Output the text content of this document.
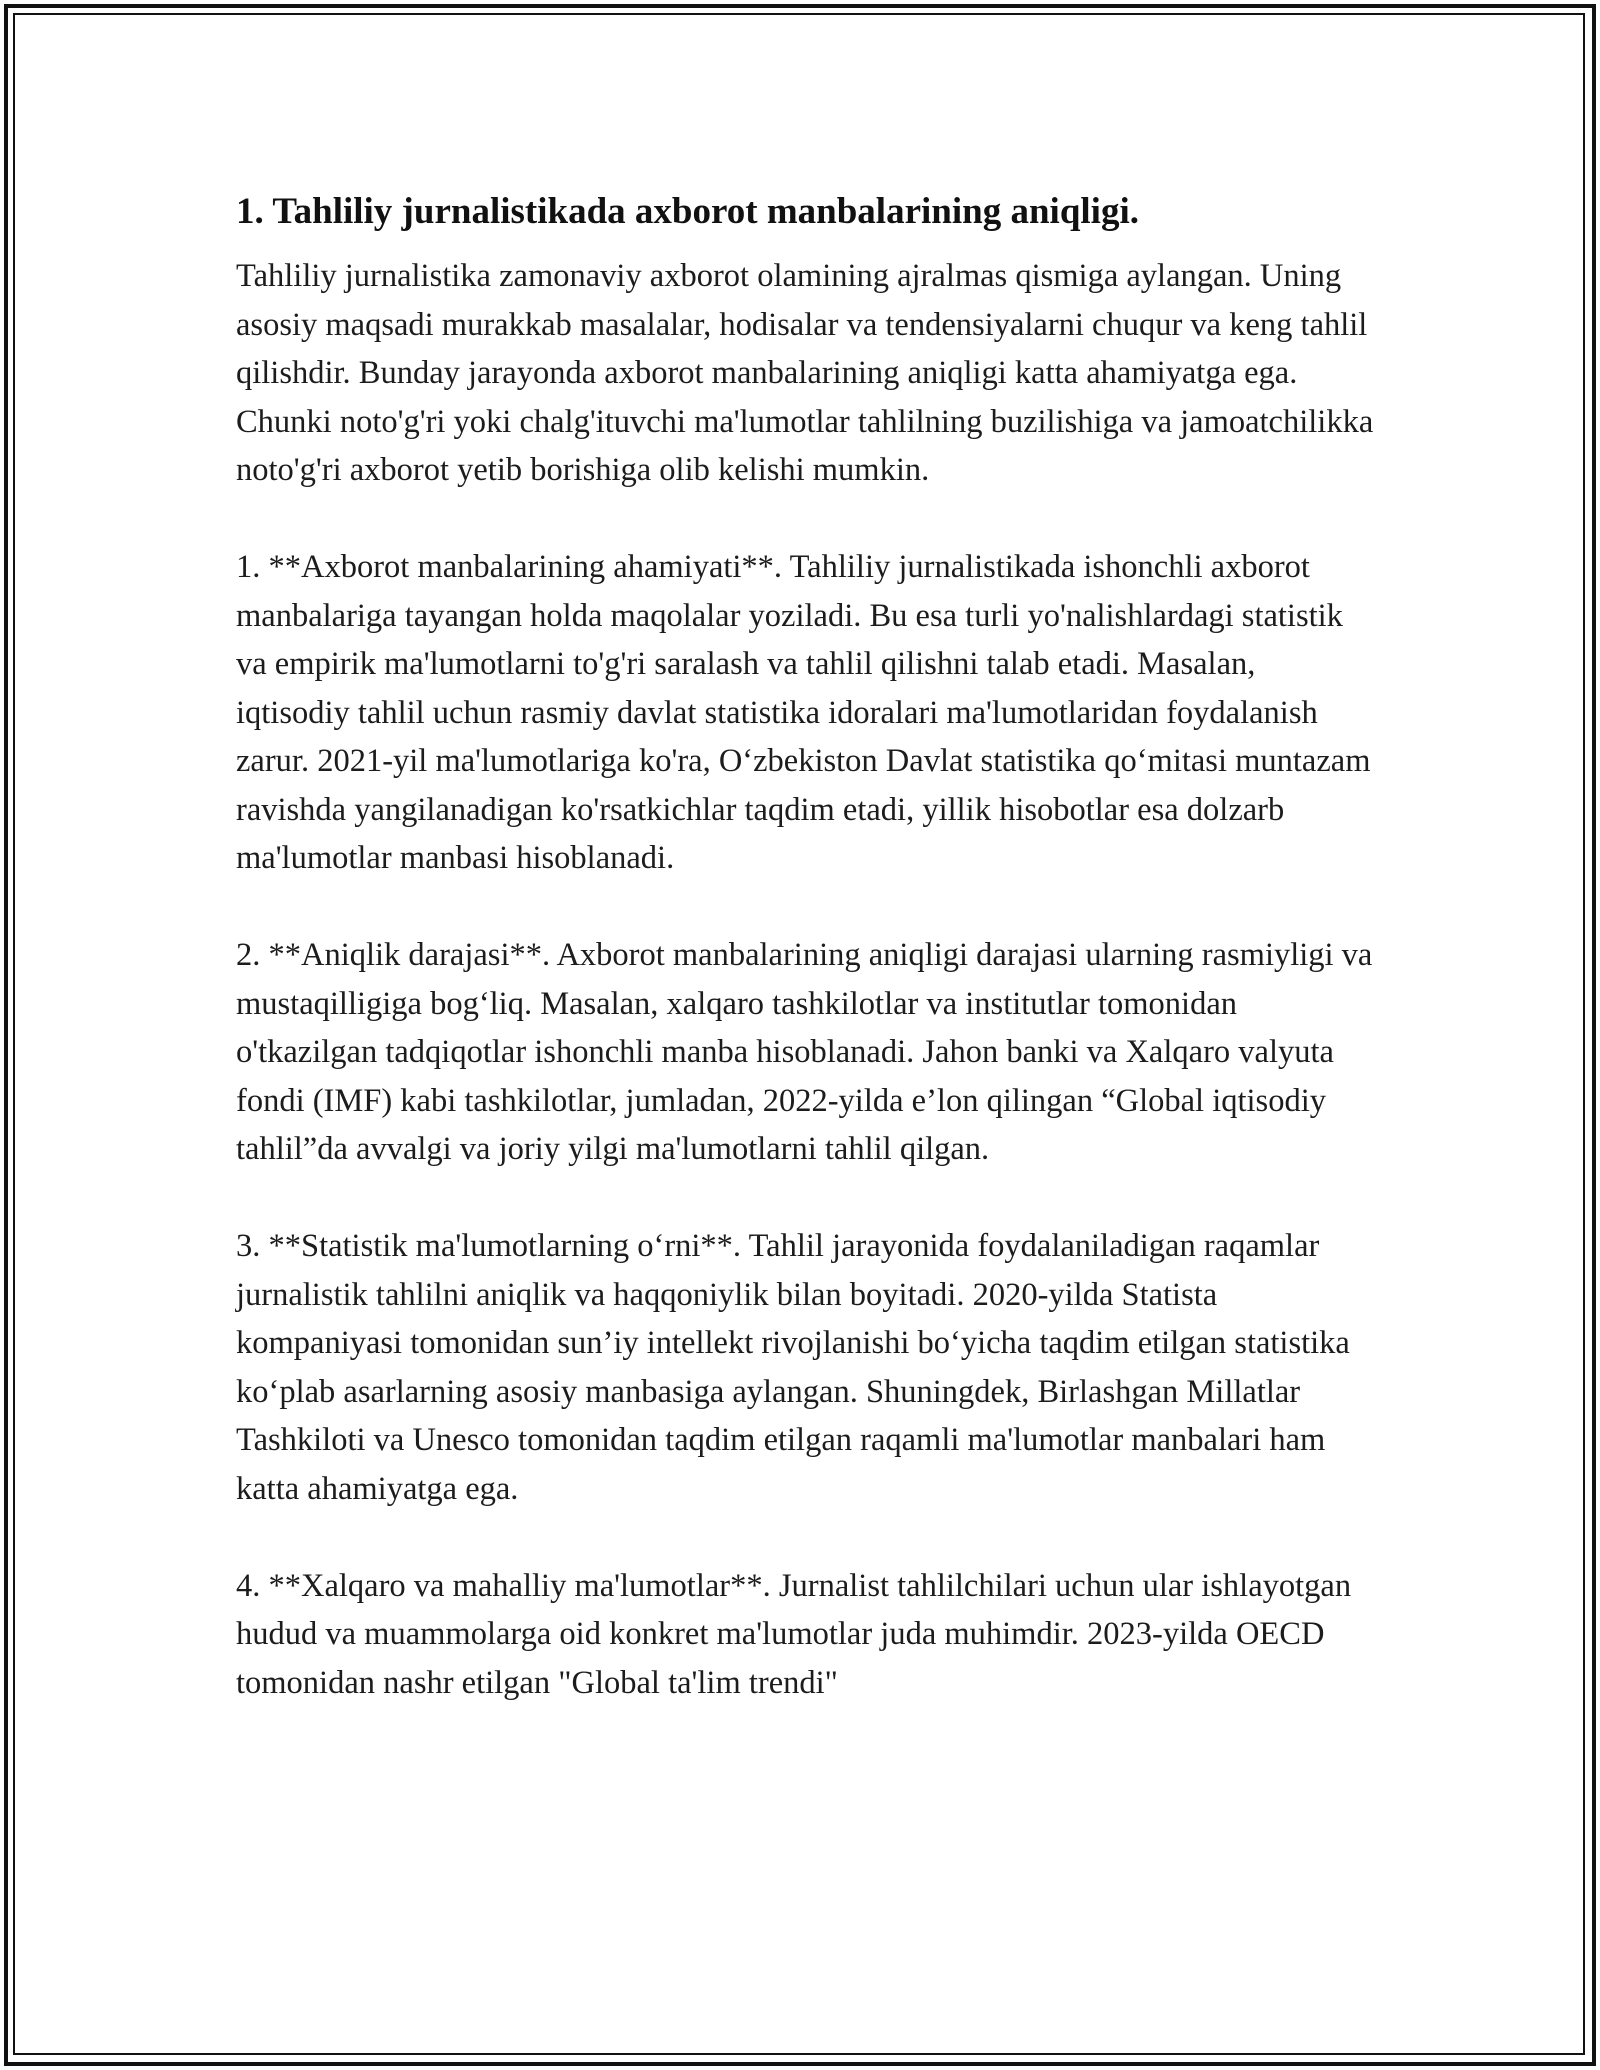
1. Tahliliy jurnalistikada axborot manbalarining aniqligi.

Tahliliy jurnalistika zamonaviy axborot olamining ajralmas qismiga aylangan. Uning asosiy maqsadi murakkab masalalar, hodisalar va tendensiyalarni chuqur va keng tahlil qilishdir. Bunday jarayonda axborot manbalarining aniqligi katta ahamiyatga ega. Chunki noto'g'ri yoki chalg'ituvchi ma'lumotlar tahlilning buzilishiga va jamoatchilikka noto'g'ri axborot yetib borishiga olib kelishi mumkin.

1. **Axborot manbalarining ahamiyati**. Tahliliy jurnalistikada ishonchli axborot manbalariga tayangan holda maqolalar yoziladi. Bu esa turli yo'nalishlardagi statistik va empirik ma'lumotlarni to'g'ri saralash va tahlil qilishni talab etadi. Masalan, iqtisodiy tahlil uchun rasmiy davlat statistika idoralari ma'lumotlaridan foydalanish zarur. 2021-yil ma'lumotlariga ko'ra, O‘zbekiston Davlat statistika qo‘mitasi muntazam ravishda yangilanadigan ko'rsatkichlar taqdim etadi, yillik hisobotlar esa dolzarb ma'lumotlar manbasi hisoblanadi.

2. **Aniqlik darajasi**. Axborot manbalarining aniqligi darajasi ularning rasmiyligi va mustaqilligiga bog‘liq. Masalan, xalqaro tashkilotlar va institutlar tomonidan o'tkazilgan tadqiqotlar ishonchli manba hisoblanadi. Jahon banki va Xalqaro valyuta fondi (IMF) kabi tashkilotlar, jumladan, 2022-yilda e’lon qilingan “Global iqtisodiy tahlil”da avvalgi va joriy yilgi ma'lumotlarni tahlil qilgan.

3. **Statistik ma'lumotlarning o‘rni**. Tahlil jarayonida foydalaniladigan raqamlar jurnalistik tahlilni aniqlik va haqqoniylik bilan boyitadi. 2020-yilda Statista kompaniyasi tomonidan sun’iy intellekt rivojlanishi bo‘yicha taqdim etilgan statistika ko‘plab asarlarning asosiy manbasiga aylangan. Shuningdek, Birlashgan Millatlar Tashkiloti va Unesco tomonidan taqdim etilgan raqamli ma'lumotlar manbalari ham katta ahamiyatga ega.

4. **Xalqaro va mahalliy ma'lumotlar**. Jurnalist tahlilchilari uchun ular ishlayotgan hudud va muammolarga oid konkret ma'lumotlar juda muhimdir. 2023-yilda OECD tomonidan nashr etilgan "Global ta'lim trendi"
